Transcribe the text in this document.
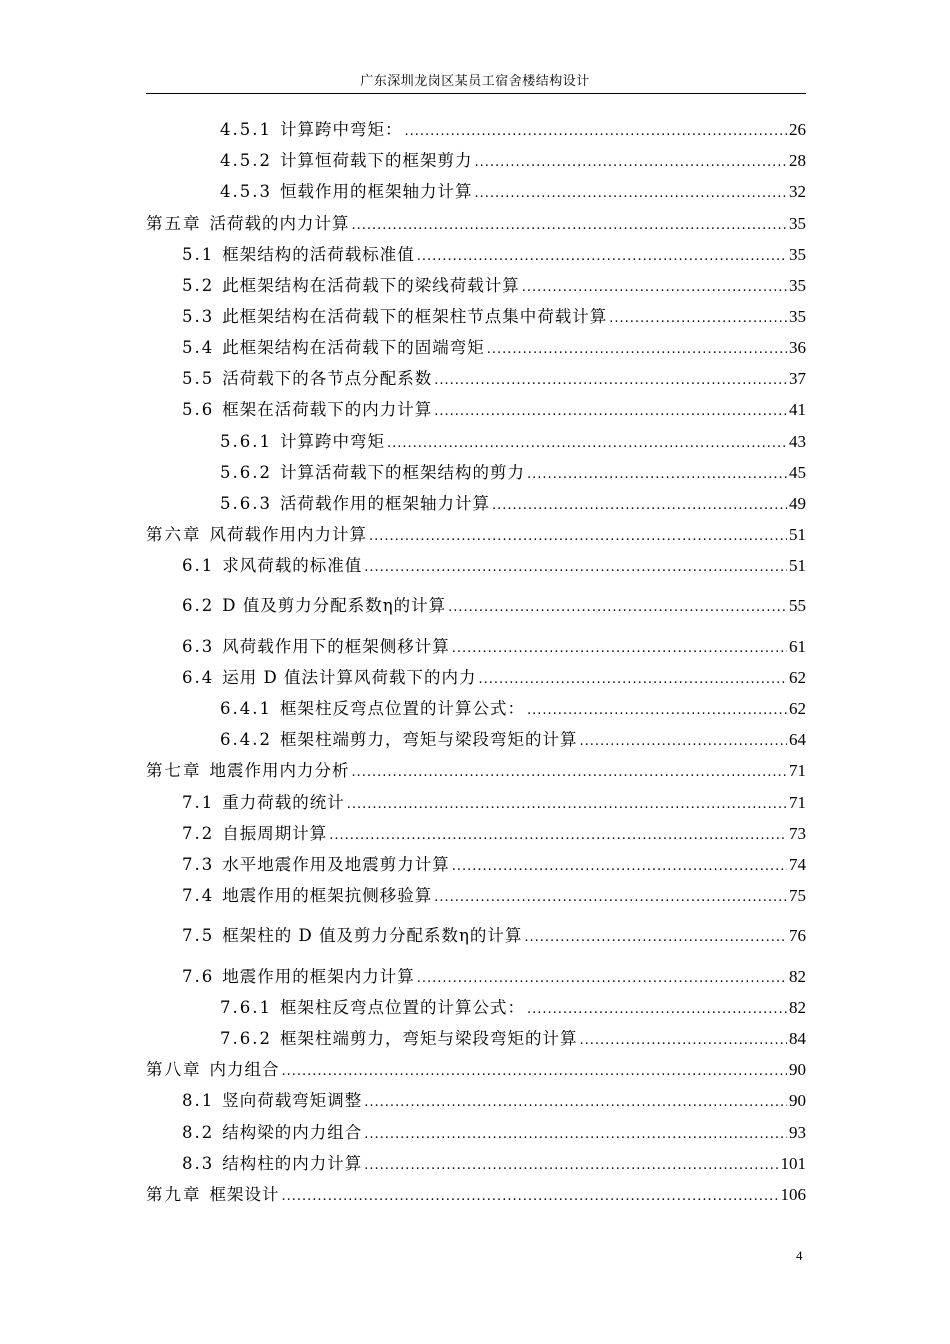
广东深圳龙岗区某员工宿舍楼结构设计
4.5.1 计算跨中弯矩： .....	26
4.5.2 计算恒荷载下的框架剪力 .....	28
4.5.3 恒载作用的框架轴力计算 .....	32
第五章 活荷载的内力计算 .....	35
5.1 框架结构的活荷载标准值 .....	35
5.2 此框架结构在活荷载下的梁线荷载计算 .....	35
5.3 此框架结构在活荷载下的框架柱节点集中荷载计算 .....	35
5.4 此框架结构在活荷载下的固端弯矩 .....	36
5.5 活荷载下的各节点分配系数 .....	37
5.6 框架在活荷载下的内力计算 .....	41
5.6.1 计算跨中弯矩 .....	43
5.6.2 计算活荷载下的框架结构的剪力 .....	45
5.6.3 活荷载作用的框架轴力计算 .....	49
第六章 风荷载作用内力计算 .....	51
6.1 求风荷载的标准值 .....	51
6.2 D 值及剪力分配系数η的计算 .....	55
6.3 风荷载作用下的框架侧移计算 .....	61
6.4 运用 D 值法计算风荷载下的内力 .....	62
6.4.1 框架柱反弯点位置的计算公式： .....	62
6.4.2 框架柱端剪力，弯矩与梁段弯矩的计算 .....	64
第七章 地震作用内力分析 .....	71
7.1 重力荷载的统计 .....	71
7.2 自振周期计算 .....	73
7.3 水平地震作用及地震剪力计算 .....	74
7.4 地震作用的框架抗侧移验算 .....	75
7.5 框架柱的 D 值及剪力分配系数η的计算 .....	76
7.6 地震作用的框架内力计算 .....	82
7.6.1 框架柱反弯点位置的计算公式： .....	82
7.6.2 框架柱端剪力，弯矩与梁段弯矩的计算 .....	84
第八章 内力组合 .....	90
8.1 竖向荷载弯矩调整 .....	90
8.2 结构梁的内力组合 .....	93
8.3 结构柱的内力计算 .....	101
第九章 框架设计 .....	106
4
